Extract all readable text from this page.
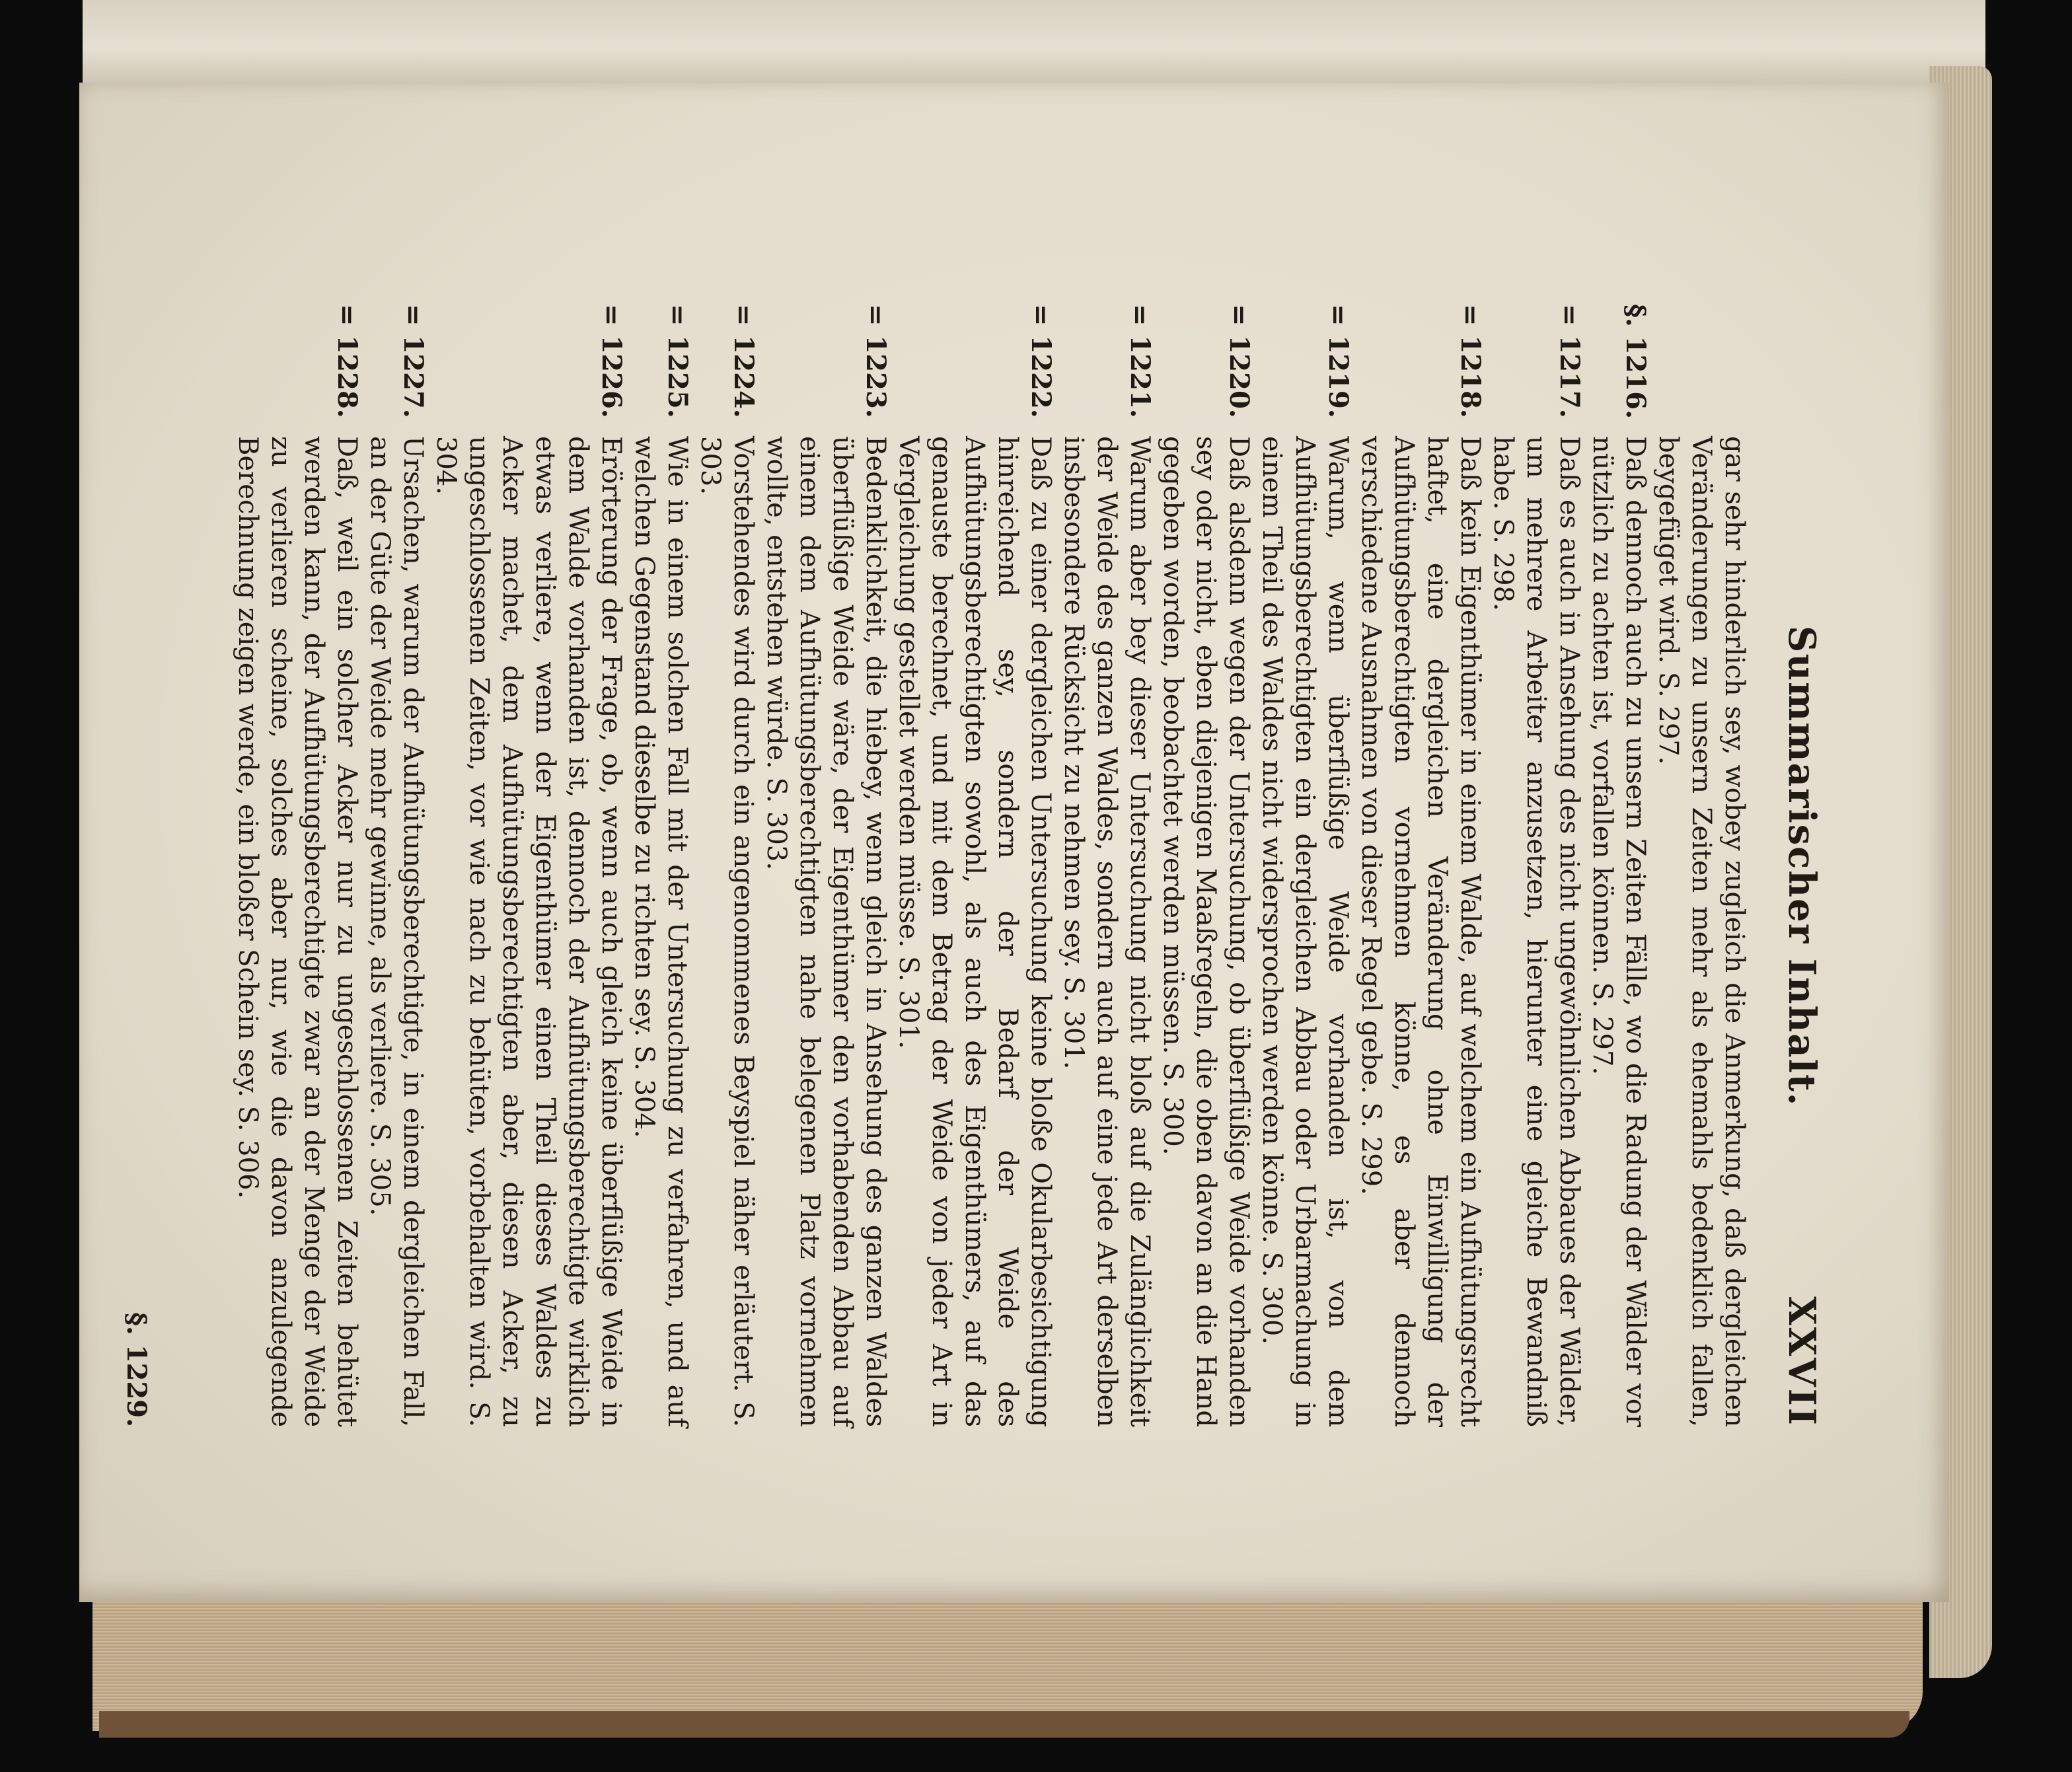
Summarischer Inhalt.
XXVII
gar sehr hinderlich sey, wobey zugleich die Anmerkung, daß dergleichen Veränderungen zu unsern Zeiten mehr als ehemahls bedenklich fallen, beygefüget wird. S. 297.
§. 1216.
Daß dennoch auch zu unsern Zeiten Fälle, wo die Radung der Wälder vor nützlich zu achten ist, vorfallen können. S. 297.
= 1217.
Daß es auch in Ansehung des nicht ungewöhnlichen Abbaues der Wälder, um mehrere Arbeiter anzusetzen, hierunter eine gleiche Bewandniß habe. S. 298.
= 1218.
Daß kein Eigenthümer in einem Walde, auf welchem ein Aufhütungsrecht haftet, eine dergleichen Veränderung ohne Einwilligung der Aufhütungsberechtigten vornehmen könne, es aber dennoch verschiedene Ausnahmen von dieser Regel gebe. S. 299.
= 1219.
Warum, wenn überflüßige Weide vorhanden ist, von dem Aufhütungsberechtigten ein dergleichen Abbau oder Urbarmachung in einem Theil des Waldes nicht widersprochen werden könne. S. 300.
= 1220.
Daß alsdenn wegen der Untersuchung, ob überflüßige Weide vorhanden sey oder nicht, eben diejenigen Maaßregeln, die oben davon an die Hand gegeben worden, beobachtet werden müssen. S. 300.
= 1221.
Warum aber bey dieser Untersuchung nicht bloß auf die Zulänglichkeit der Weide des ganzen Waldes, sondern auch auf eine jede Art derselben insbesondere Rücksicht zu nehmen sey. S. 301.
= 1222.
Daß zu einer dergleichen Untersuchung keine bloße Okularbesichtigung hinreichend sey, sondern der Bedarf der Weide des Aufhütungsberechtigten sowohl, als auch des Eigenthümers, auf das genauste berechnet, und mit dem Betrag der Weide von jeder Art in Vergleichung gestellet werden müsse. S. 301.
= 1223.
Bedenklichkeit, die hiebey, wenn gleich in Ansehung des ganzen Waldes überflüßige Weide wäre, der Eigenthümer den vorhabenden Abbau auf einem dem Aufhütungsberechtigten nahe belegenen Platz vornehmen wollte, entstehen würde. S. 303.
= 1224.
Vorstehendes wird durch ein angenommenes Beyspiel näher erläutert. S. 303.
= 1225.
Wie in einem solchen Fall mit der Untersuchung zu verfahren, und auf welchen Gegenstand dieselbe zu richten sey. S. 304.
= 1226.
Erörterung der Frage, ob, wenn auch gleich keine überflüßige Weide in dem Walde vorhanden ist, dennoch der Aufhütungsberechtigte wirklich etwas verliere, wenn der Eigenthümer einen Theil dieses Waldes zu Acker machet, dem Aufhütungsberechtigten aber, diesen Acker, zu ungeschlossenen Zeiten, vor wie nach zu behüten, vorbehalten wird. S. 304.
= 1227.
Ursachen, warum der Aufhütungsberechtigte, in einem dergleichen Fall, an der Güte der Weide mehr gewinne, als verliere. S. 305.
= 1228.
Daß, weil ein solcher Acker nur zu ungeschlossenen Zeiten behütet werden kann, der Aufhütungsberechtigte zwar an der Menge der Weide zu verlieren scheine, solches aber nur, wie die davon anzulegende Berechnung zeigen werde, ein bloßer Schein sey. S. 306.
§. 1229.
